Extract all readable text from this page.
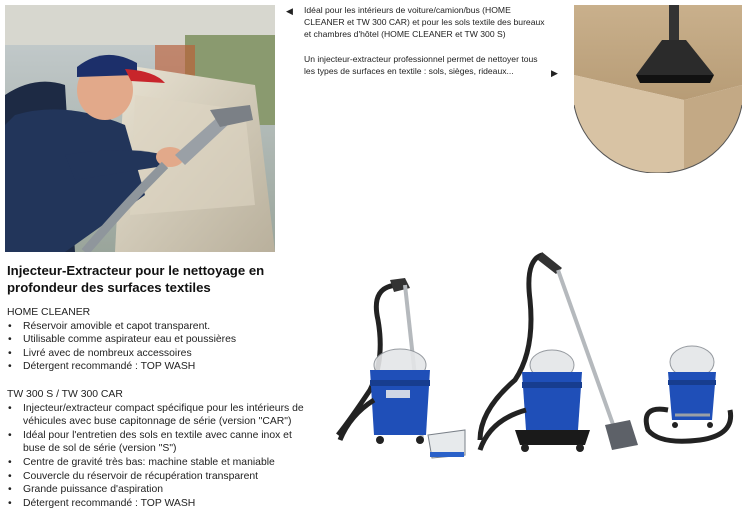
◀ Idéal pour les intérieurs de voiture/camion/bus (HOME CLEANER et TW 300 CAR) et pour les sols textile des bureaux et chambres d'hôtel (HOME CLEANER et TW 300 S)

Un injecteur-extracteur professionnel permet de nettoyer tous les types de surfaces en textile : sols, sièges, rideaux...	▶
Injecteur-Extracteur pour le nettoyage en profondeur des surfaces textiles

HOME CLEANER

• Réservoir amovible et capot transparent.
• Utilisable comme aspirateur eau et poussières
• Livré avec de nombreux accessoires
• Détergent recommandé : TOP WASH

TW 300 S / TW 300 CAR

• Injecteur/extracteur compact spécifique pour les intérieurs de véhicules avec buse capitonnage de série (version "CAR")
• Idéal pour l'entretien des sols en textile avec canne inox et buse de sol de série (version "S")
• Centre de gravité très bas: machine stable et maniable
• Couvercle du réservoir de récupération transparent
• Grande puissance d'aspiration
• Détergent recommandé : TOP WASH
